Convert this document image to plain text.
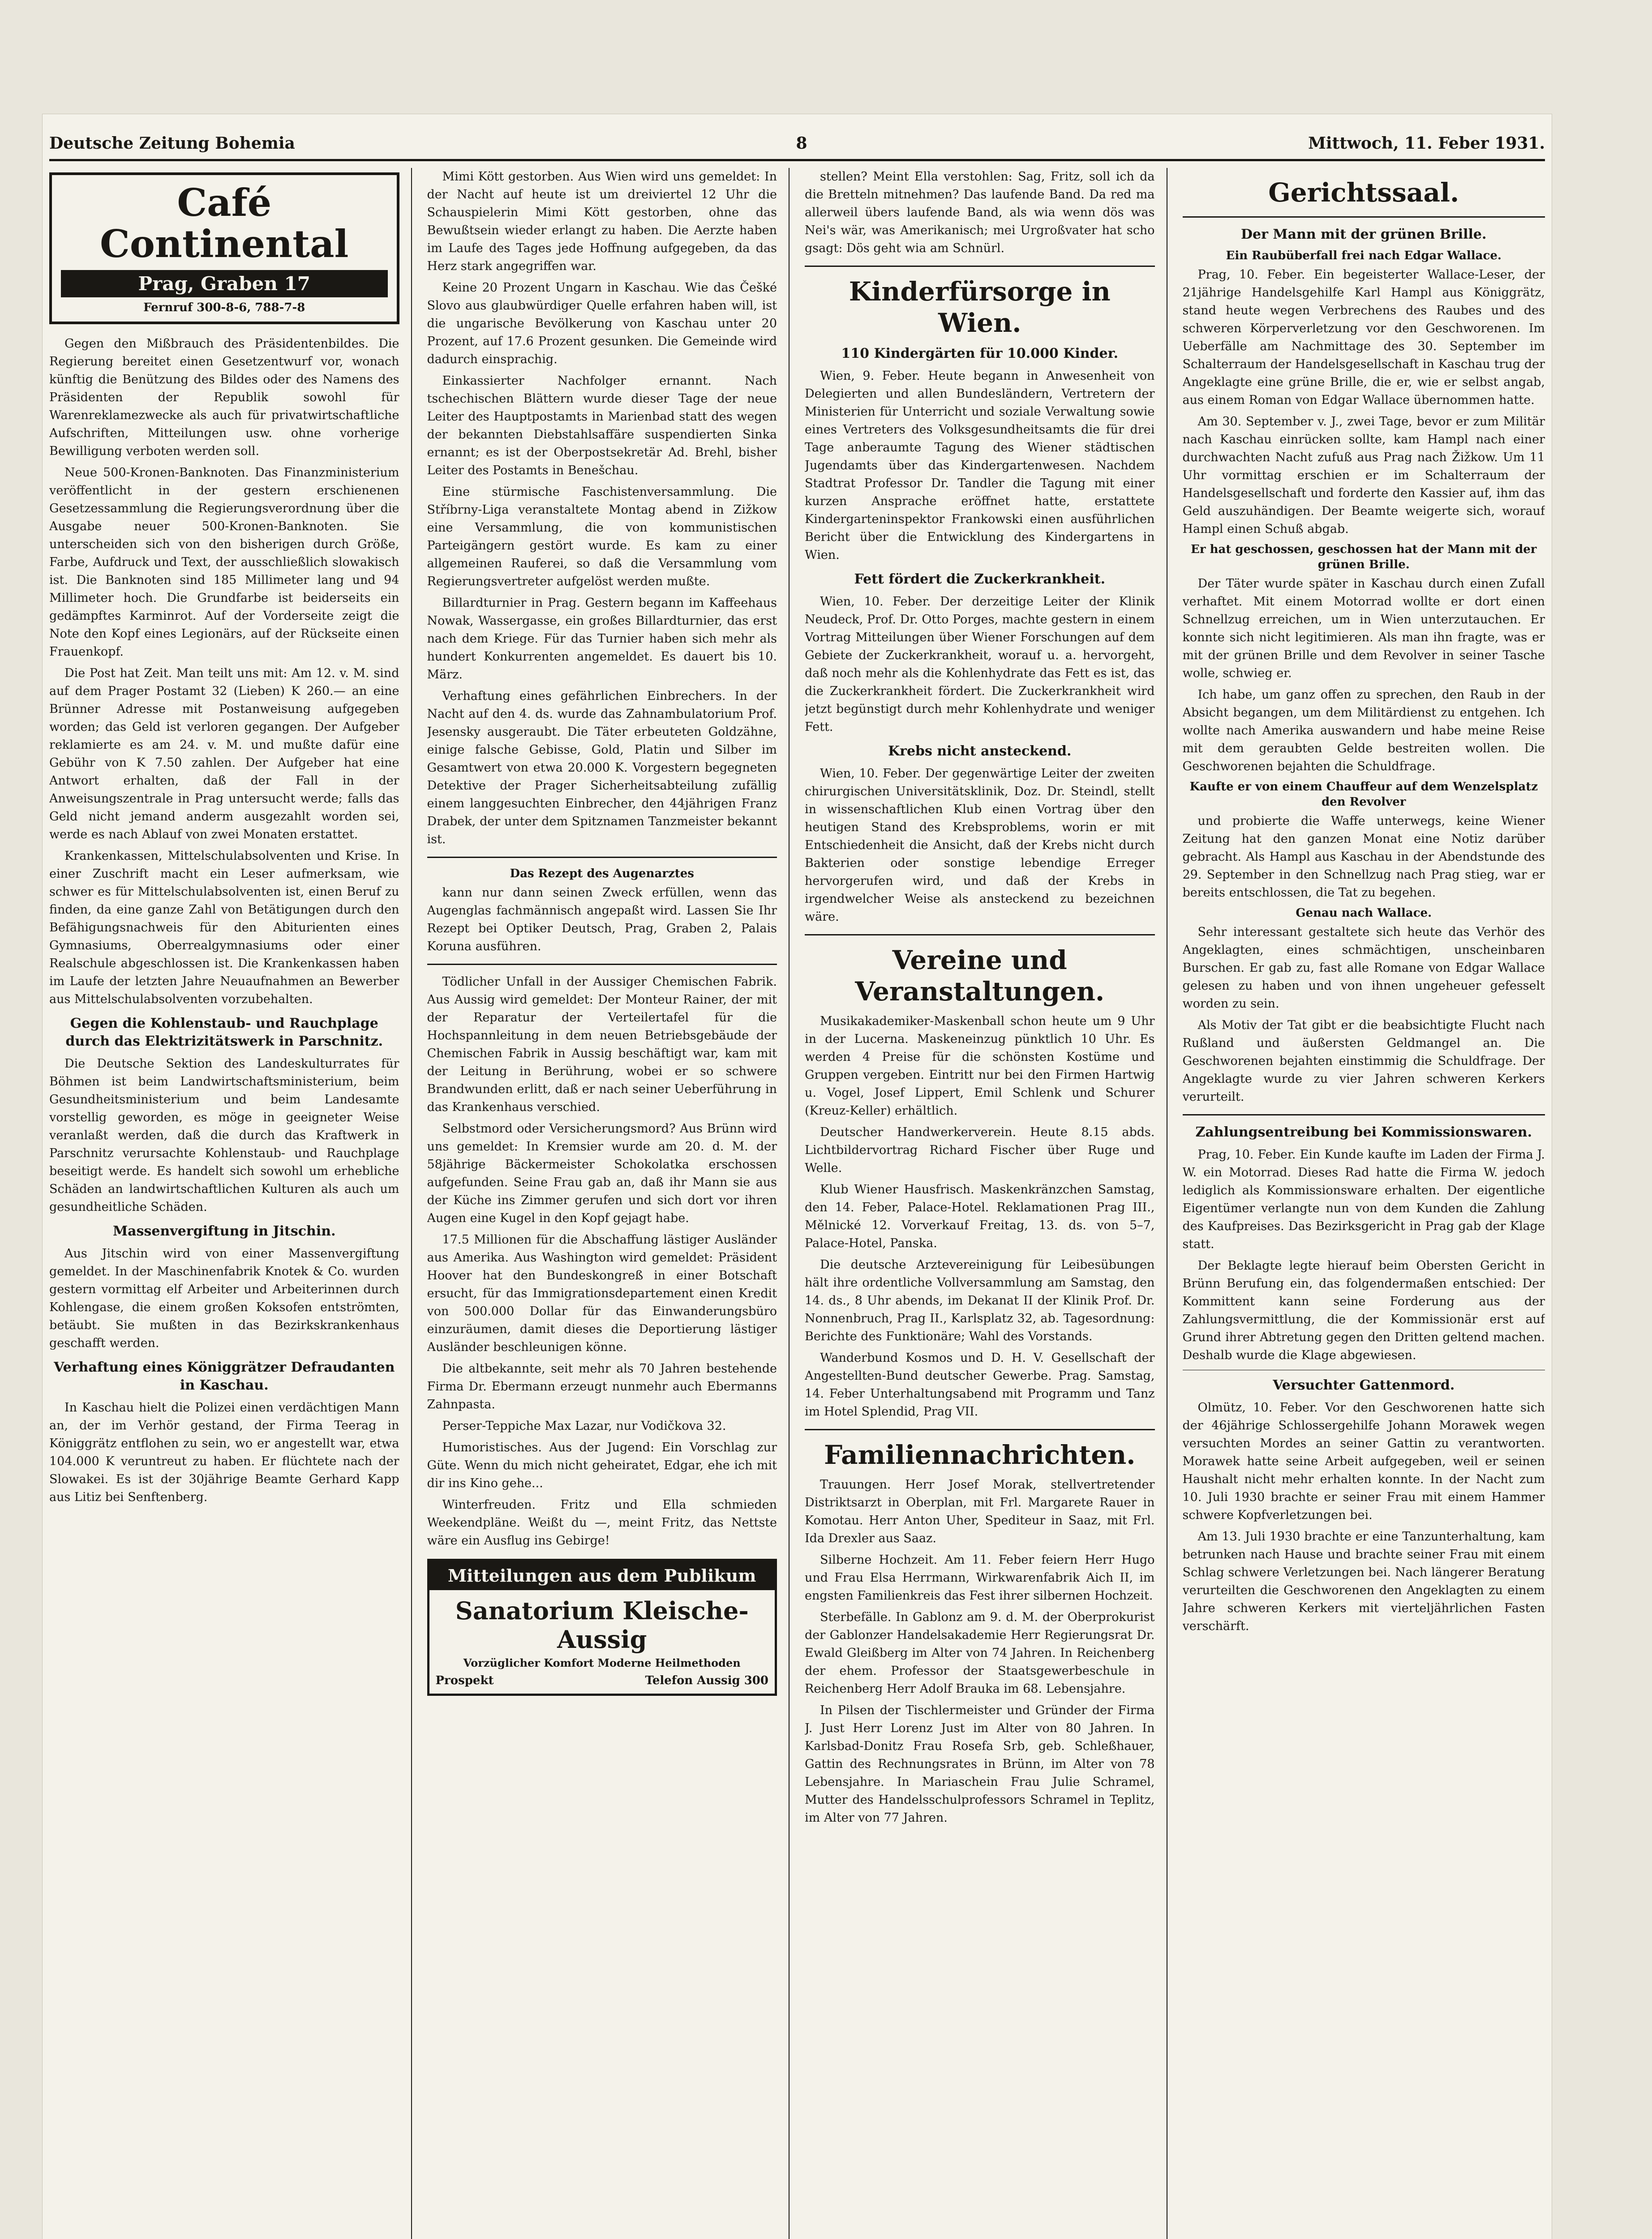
Deutsche Zeitung Bohemia	8	Mittwoch, 11. Feber 1931.
Café Continental
Prag, Graben 17
Fernruf 300-8-6, 788-7-8

Gegen den Mißbrauch des Präsidentenbildes. Die Regierung bereitet einen Gesetzentwurf vor, wonach künftig die Benützung des Bildes oder des Namens des Präsidenten der Republik sowohl für Warenreklamezwecke als auch für privatwirtschaftliche Aufschriften, Mitteilungen usw. ohne vorherige Bewilligung verboten werden soll.

Neue 500-Kronen-Banknoten. Das Finanzministerium veröffentlicht in der gestern erschienenen Gesetzessammlung die Regierungsverordnung über die Ausgabe neuer 500-Kronen-Banknoten. Sie unterscheiden sich von den bisherigen durch Größe, Farbe, Aufdruck und Text, der ausschließlich slowakisch ist. Die Banknoten sind 185 Millimeter lang und 94 Millimeter hoch. Die Grundfarbe ist beiderseits ein gedämpftes Karminrot. Auf der Vorderseite zeigt die Note den Kopf eines Legionärs, auf der Rückseite einen Frauenkopf.

Die Post hat Zeit. Man teilt uns mit: Am 12. v. M. sind auf dem Prager Postamt 32 (Lieben) K 260.— an eine Brünner Adresse mit Postanweisung aufgegeben worden; das Geld ist verloren gegangen. Der Aufgeber reklamierte es am 24. v. M. und mußte dafür eine Gebühr von K 7.50 zahlen. Der Aufgeber hat eine Antwort erhalten, daß der Fall in der Anweisungszentrale in Prag untersucht werde; falls das Geld nicht jemand anderm ausgezahlt worden sei, werde es nach Ablauf von zwei Monaten erstattet.

Krankenkassen, Mittelschulabsolventen und Krise. In einer Zuschrift macht ein Leser aufmerksam, wie schwer es für Mittelschulabsolventen ist, einen Beruf zu finden, da eine ganze Zahl von Betätigungen durch den Befähigungsnachweis für den Abiturienten eines Gymnasiums, Oberrealgymnasiums oder einer Realschule abgeschlossen ist. Die Krankenkassen haben im Laufe der letzten Jahre Neuaufnahmen an Bewerber aus Mittelschulabsolventen vorzubehalten.

Gegen die Kohlenstaub- und Rauchplage durch das Elektrizitätswerk in Parschnitz.

Die Deutsche Sektion des Landeskulturrates für Böhmen ist beim Landwirtschaftsministerium, beim Gesundheitsministerium und beim Landesamte vorstellig geworden, es möge in geeigneter Weise veranlaßt werden, daß die durch das Kraftwerk in Parschnitz verursachte Kohlenstaub- und Rauchplage beseitigt werde. Es handelt sich sowohl um erhebliche Schäden an landwirtschaftlichen Kulturen als auch um gesundheitliche Schäden.

Massenvergiftung in Jitschin.

Aus Jitschin wird von einer Massenvergiftung gemeldet. In der Maschinenfabrik Knotek & Co. wurden gestern vormittag elf Arbeiter und Arbeiterinnen durch Kohlengase, die einem großen Koksofen entströmten, betäubt. Sie mußten in das Bezirkskrankenhaus geschafft werden.

Verhaftung eines Königgrätzer Defraudanten in Kaschau.

In Kaschau hielt die Polizei einen verdächtigen Mann an, der im Verhör gestand, der Firma Teerag in Königgrätz entflohen zu sein, wo er angestellt war, etwa 104.000 K veruntreut zu haben. Er flüchtete nach der Slowakei. Es ist der 30jährige Beamte Gerhard Kapp aus Litiz bei Senftenberg.

Mimi Kött gestorben. Aus Wien wird uns gemeldet: In der Nacht auf heute ist um dreiviertel 12 Uhr die Schauspielerin Mimi Kött gestorben, ohne das Bewußtsein wieder erlangt zu haben. Die Aerzte haben im Laufe des Tages jede Hoffnung aufgegeben, da das Herz stark angegriffen war.

Keine 20 Prozent Ungarn in Kaschau. Wie das Češké Slovo aus glaubwürdiger Quelle erfahren haben will, ist die ungarische Bevölkerung von Kaschau unter 20 Prozent, auf 17.6 Prozent gesunken. Die Gemeinde wird dadurch einsprachig.

Einkassierter Nachfolger ernannt. Nach tschechischen Blättern wurde dieser Tage der neue Leiter des Hauptpostamts in Marienbad statt des wegen der bekannten Diebstahlsaffäre suspendierten Sinka ernannt; es ist der Oberpostsekretär Ad. Brehl, bisher Leiter des Postamts in Benešchau.

Eine stürmische Faschistenversammlung. Die Stříbrny-Liga veranstaltete Montag abend in Zižkow eine Versammlung, die von kommunistischen Parteigängern gestört wurde. Es kam zu einer allgemeinen Rauferei, so daß die Versammlung vom Regierungsvertreter aufgelöst werden mußte.

Billardturnier in Prag. Gestern begann im Kaffeehaus Nowak, Wassergasse, ein großes Billardturnier, das erst nach dem Kriege. Für das Turnier haben sich mehr als hundert Konkurrenten angemeldet. Es dauert bis 10. März.

Verhaftung eines gefährlichen Einbrechers. In der Nacht auf den 4. ds. wurde das Zahnambulatorium Prof. Jesensky ausgeraubt. Die Täter erbeuteten Goldzähne, einige falsche Gebisse, Gold, Platin und Silber im Gesamtwert von etwa 20.000 K. Vorgestern begegneten Detektive der Prager Sicherheitsabteilung zufällig einem langgesuchten Einbrecher, den 44jährigen Franz Drabek, der unter dem Spitznamen Tanzmeister bekannt ist.

Das Rezept des Augenarztes

kann nur dann seinen Zweck erfüllen, wenn das Augenglas fachmännisch angepaßt wird. Lassen Sie Ihr Rezept bei Optiker Deutsch, Prag, Graben 2, Palais Koruna ausführen.

Tödlicher Unfall in der Aussiger Chemischen Fabrik. Aus Aussig wird gemeldet: Der Monteur Rainer, der mit der Reparatur der Verteilertafel für die Hochspannleitung in dem neuen Betriebsgebäude der Chemischen Fabrik in Aussig beschäftigt war, kam mit der Leitung in Berührung, wobei er so schwere Brandwunden erlitt, daß er nach seiner Ueberführung in das Krankenhaus verschied.

Selbstmord oder Versicherungsmord? Aus Brünn wird uns gemeldet: In Kremsier wurde am 20. d. M. der 58jährige Bäckermeister Schokolatka erschossen aufgefunden. Seine Frau gab an, daß ihr Mann sie aus der Küche ins Zimmer gerufen und sich dort vor ihren Augen eine Kugel in den Kopf gejagt habe.

17.5 Millionen für die Abschaffung lästiger Ausländer aus Amerika. Aus Washington wird gemeldet: Präsident Hoover hat den Bundeskongreß in einer Botschaft ersucht, für das Immigrationsdepartement einen Kredit von 500.000 Dollar für das Einwanderungsbüro einzuräumen, damit dieses die Deportierung lästiger Ausländer beschleunigen könne.

Die altbekannte, seit mehr als 70 Jahren bestehende Firma Dr. Ebermann erzeugt nunmehr auch Ebermanns Zahnpasta.

Perser-Teppiche Max Lazar, nur Vodičkova 32.

Humoristisches. Aus der Jugend: Ein Vorschlag zur Güte. Wenn du mich nicht geheiratet, Edgar, ehe ich mit dir ins Kino gehe...

Winterfreuden. Fritz und Ella schmieden Weekendpläne. Weißt du —, meint Fritz, das Nettste wäre ein Ausflug ins Gebirge!

Mitteilungen aus dem Publikum
Sanatorium Kleische-Aussig
Vorzüglicher Komfort Moderne Heilmethoden
Prospekt	Telefon Aussig 300

stellen? Meint Ella verstohlen: Sag, Fritz, soll ich da die Bretteln mitnehmen? Das laufende Band. Da red ma allerweil übers laufende Band, als wia wenn dös was Nei's wär, was Amerikanisch; mei Urgroßvater hat scho gsagt: Dös geht wia am Schnürl.

Kinderfürsorge in Wien.
110 Kindergärten für 10.000 Kinder.

Wien, 9. Feber. Heute begann in Anwesenheit von Delegierten und allen Bundesländern, Vertretern der Ministerien für Unterricht und soziale Verwaltung sowie eines Vertreters des Volksgesundheitsamts die für drei Tage anberaumte Tagung des Wiener städtischen Jugendamts über das Kindergartenwesen. Nachdem Stadtrat Professor Dr. Tandler die Tagung mit einer kurzen Ansprache eröffnet hatte, erstattete Kindergarteninspektor Frankowski einen ausführlichen Bericht über die Entwicklung des Kindergartens in Wien.

Fett fördert die Zuckerkrankheit.

Wien, 10. Feber. Der derzeitige Leiter der Klinik Neudeck, Prof. Dr. Otto Porges, machte gestern in einem Vortrag Mitteilungen über Wiener Forschungen auf dem Gebiete der Zuckerkrankheit, worauf u. a. hervorgeht, daß noch mehr als die Kohlenhydrate das Fett es ist, das die Zuckerkrankheit fördert. Die Zuckerkrankheit wird jetzt begünstigt durch mehr Kohlenhydrate und weniger Fett.

Krebs nicht ansteckend.

Wien, 10. Feber. Der gegenwärtige Leiter der zweiten chirurgischen Universitätsklinik, Doz. Dr. Steindl, stellt in wissenschaftlichen Klub einen Vortrag über den heutigen Stand des Krebsproblems, worin er mit Entschiedenheit die Ansicht, daß der Krebs nicht durch Bakterien oder sonstige lebendige Erreger hervorgerufen wird, und daß der Krebs in irgendwelcher Weise als ansteckend zu bezeichnen wäre.

Vereine und Veranstaltungen.

Musikakademiker-Maskenball schon heute um 9 Uhr in der Lucerna. Maskeneinzug pünktlich 10 Uhr. Es werden 4 Preise für die schönsten Kostüme und Gruppen vergeben. Eintritt nur bei den Firmen Hartwig u. Vogel, Josef Lippert, Emil Schlenk und Schurer (Kreuz-Keller) erhältlich.

Deutscher Handwerkerverein. Heute 8.15 abds. Lichtbildervortrag Richard Fischer über Ruge und Welle.

Klub Wiener Hausfrisch. Maskenkränzchen Samstag, den 14. Feber, Palace-Hotel. Reklamationen Prag III., Mělnické 12. Vorverkauf Freitag, 13. ds. von 5–7, Palace-Hotel, Panska.

Die deutsche Arztevereinigung für Leibesübungen hält ihre ordentliche Vollversammlung am Samstag, den 14. ds., 8 Uhr abends, im Dekanat II der Klinik Prof. Dr. Nonnenbruch, Prag II., Karlsplatz 32, ab. Tagesordnung: Berichte des Funktionäre; Wahl des Vorstands.

Wanderbund Kosmos und D. H. V. Gesellschaft der Angestellten-Bund deutscher Gewerbe. Prag. Samstag, 14. Feber Unterhaltungsabend mit Programm und Tanz im Hotel Splendid, Prag VII.

Familiennachrichten.

Trauungen. Herr Josef Morak, stellvertretender Distriktsarzt in Oberplan, mit Frl. Margarete Rauer in Komotau. Herr Anton Uher, Spediteur in Saaz, mit Frl. Ida Drexler aus Saaz.

Silberne Hochzeit. Am 11. Feber feiern Herr Hugo und Frau Elsa Herrmann, Wirkwarenfabrik Aich II, im engsten Familienkreis das Fest ihrer silbernen Hochzeit.

Sterbefälle. In Gablonz am 9. d. M. der Oberprokurist der Gablonzer Handelsakademie Herr Regierungsrat Dr. Ewald Gleißberg im Alter von 74 Jahren. In Reichenberg der ehem. Professor der Staatsgewerbeschule in Reichenberg Herr Adolf Brauka im 68. Lebensjahre.

In Pilsen der Tischlermeister und Gründer der Firma J. Just Herr Lorenz Just im Alter von 80 Jahren. In Karlsbad-Donitz Frau Rosefa Srb, geb. Schleßhauer, Gattin des Rechnungsrates in Brünn, im Alter von 78 Lebensjahre. In Mariaschein Frau Julie Schramel, Mutter des Handelsschulprofessors Schramel in Teplitz, im Alter von 77 Jahren.

Gerichtssaal.
Der Mann mit der grünen Brille.
Ein Raubüberfall frei nach Edgar Wallace.

Prag, 10. Feber. Ein begeisterter Wallace-Leser, der 21jährige Handelsgehilfe Karl Hampl aus Königgrätz, stand heute wegen Verbrechens des Raubes und des schweren Körperverletzung vor den Geschworenen. Im Ueberfälle am Nachmittage des 30. September im Schalterraum der Handelsgesellschaft in Kaschau trug der Angeklagte eine grüne Brille, die er, wie er selbst angab, aus einem Roman von Edgar Wallace übernommen hatte.

Am 30. September v. J., zwei Tage, bevor er zum Militär nach Kaschau einrücken sollte, kam Hampl nach einer durchwachten Nacht zufuß aus Prag nach Žižkow. Um 11 Uhr vormittag erschien er im Schalterraum der Handelsgesellschaft und forderte den Kassier auf, ihm das Geld auszuhändigen. Der Beamte weigerte sich, worauf Hampl einen Schuß abgab.

Er hat geschossen, geschossen hat der Mann mit der grünen Brille.

Der Täter wurde später in Kaschau durch einen Zufall verhaftet. Mit einem Motorrad wollte er dort einen Schnellzug erreichen, um in Wien unterzutauchen. Er konnte sich nicht legitimieren. Als man ihn fragte, was er mit der grünen Brille und dem Revolver in seiner Tasche wolle, schwieg er.

Ich habe, um ganz offen zu sprechen, den Raub in der Absicht begangen, um dem Militärdienst zu entgehen. Ich wollte nach Amerika auswandern und habe meine Reise mit dem geraubten Gelde bestreiten wollen. Die Geschworenen bejahten die Schuldfrage.

Kaufte er von einem Chauffeur auf dem Wenzelsplatz den Revolver

und probierte die Waffe unterwegs, keine Wiener Zeitung hat den ganzen Monat eine Notiz darüber gebracht. Als Hampl aus Kaschau in der Abendstunde des 29. September in den Schnellzug nach Prag stieg, war er bereits entschlossen, die Tat zu begehen.

Genau nach Wallace.

Sehr interessant gestaltete sich heute das Verhör des Angeklagten, eines schmächtigen, unscheinbaren Burschen. Er gab zu, fast alle Romane von Edgar Wallace gelesen zu haben und von ihnen ungeheuer gefesselt worden zu sein.

Als Motiv der Tat gibt er die beabsichtigte Flucht nach Rußland und äußersten Geldmangel an. Die Geschworenen bejahten einstimmig die Schuldfrage. Der Angeklagte wurde zu vier Jahren schweren Kerkers verurteilt.

Zahlungsentreibung bei Kommissionswaren.

Prag, 10. Feber. Ein Kunde kaufte im Laden der Firma J. W. ein Motorrad. Dieses Rad hatte die Firma W. jedoch lediglich als Kommissionsware erhalten. Der eigentliche Eigentümer verlangte nun von dem Kunden die Zahlung des Kaufpreises. Das Bezirksgericht in Prag gab der Klage statt.

Der Beklagte legte hierauf beim Obersten Gericht in Brünn Berufung ein, das folgendermaßen entschied: Der Kommittent kann seine Forderung aus der Zahlungsvermittlung, die der Kommissionär erst auf Grund ihrer Abtretung gegen den Dritten geltend machen. Deshalb wurde die Klage abgewiesen.

Versuchter Gattenmord.

Olmütz, 10. Feber. Vor den Geschworenen hatte sich der 46jährige Schlossergehilfe Johann Morawek wegen versuchten Mordes an seiner Gattin zu verantworten. Morawek hatte seine Arbeit aufgegeben, weil er seinen Haushalt nicht mehr erhalten konnte. In der Nacht zum 10. Juli 1930 brachte er seiner Frau mit einem Hammer schwere Kopfverletzungen bei.

Am 13. Juli 1930 brachte er eine Tanzunterhaltung, kam betrunken nach Hause und brachte seiner Frau mit einem Schlag schwere Verletzungen bei. Nach längerer Beratung verurteilten die Geschworenen den Angeklagten zu einem Jahre schweren Kerkers mit vierteljährlichen Fasten verschärft.
